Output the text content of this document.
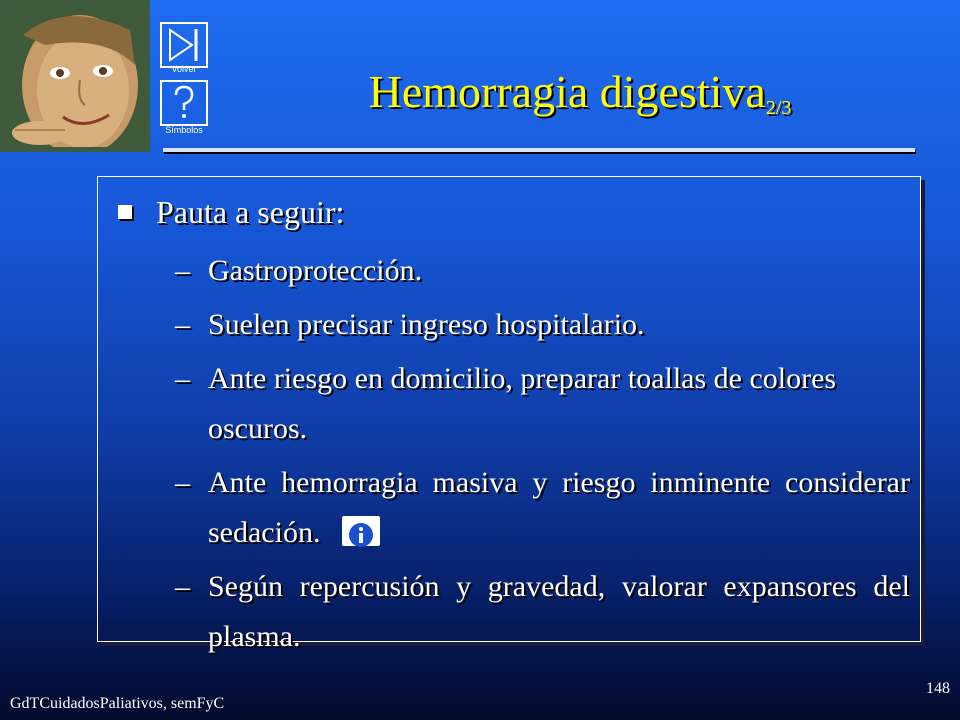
Volver
Símbolos
Hemorragia digestiva$_{2/3}$
Pauta a seguir:
– Gastroprotección.
– Suelen precisar ingreso hospitalario.
– Ante riesgo en domicilio, preparar toallas de colores oscuros.
– Ante hemorragia masiva y riesgo inminente considerar sedación.
– Según repercusión y gravedad, valorar expansores del plasma.
GdTCuidadosPaliativos, semFyC
148
